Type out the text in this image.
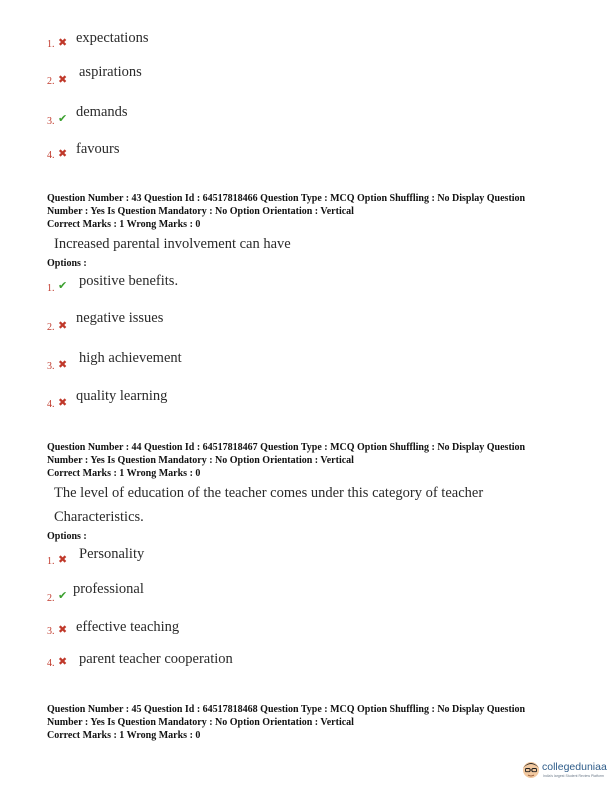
1. ✖ expectations
2. ✖ aspirations
3. ✔ demands
4. ✖ favours
Question Number : 43 Question Id : 64517818466 Question Type : MCQ Option Shuffling : No Display Question
Number : Yes Is Question Mandatory : No Option Orientation : Vertical
Correct Marks : 1 Wrong Marks : 0
Increased parental involvement can have
Options :
1. ✔ positive benefits.
2. ✖ negative issues
3. ✖ high achievement
4. ✖ quality learning
Question Number : 44 Question Id : 64517818467 Question Type : MCQ Option Shuffling : No Display Question
Number : Yes Is Question Mandatory : No Option Orientation : Vertical
Correct Marks : 1 Wrong Marks : 0
The level of education of the teacher comes under this category of teacher
Characteristics.
Options :
1. ✖ Personality
2. ✔ professional
3. ✖ effective teaching
4. ✖ parent teacher cooperation
Question Number : 45 Question Id : 64517818468 Question Type : MCQ Option Shuffling : No Display Question
Number : Yes Is Question Mandatory : No Option Orientation : Vertical
Correct Marks : 1 Wrong Marks : 0
collegeduniaa
India's largest Student Review Platform
